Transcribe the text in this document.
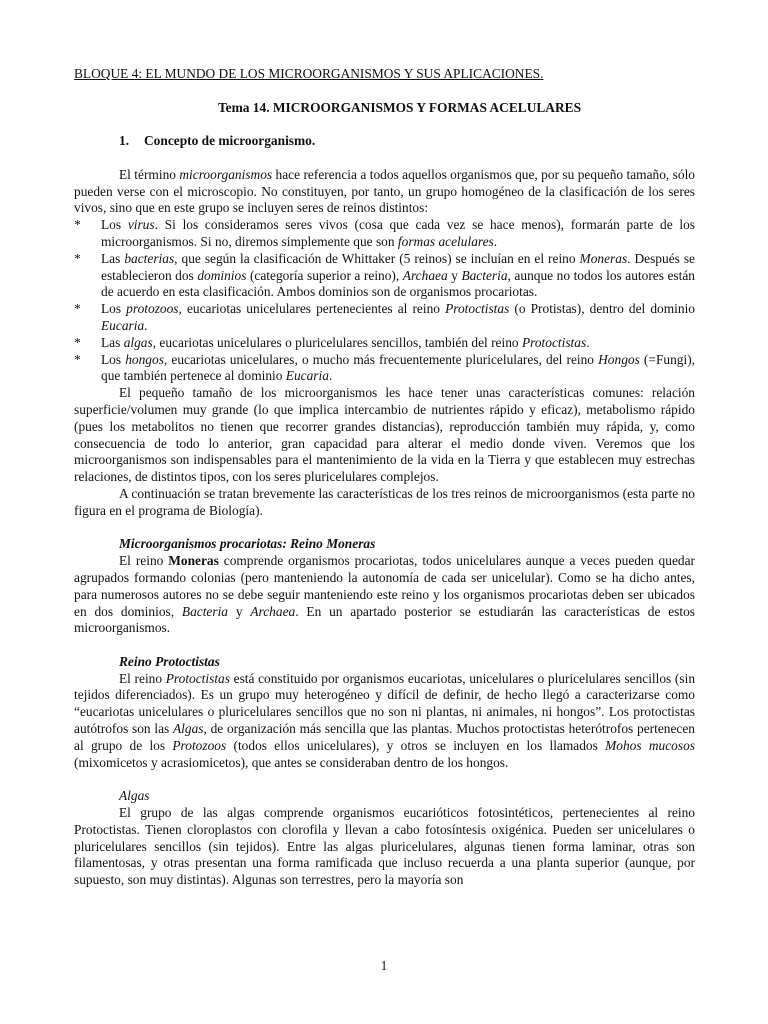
BLOQUE 4: EL MUNDO DE LOS MICROORGANISMOS Y SUS APLICACIONES.

Tema 14. MICROORGANISMOS Y FORMAS ACELULARES

1. Concepto de microorganismo.

El término microorganismos hace referencia a todos aquellos organismos que, por su pequeño tamaño, sólo pueden verse con el microscopio. No constituyen, por tanto, un grupo homogéneo de la clasificación de los seres vivos, sino que en este grupo se incluyen seres de reinos distintos:

*	Los virus. Si los consideramos seres vivos (cosa que cada vez se hace menos), formarán parte de los microorganismos. Si no, diremos simplemente que son formas acelulares.
*	Las bacterias, que según la clasificación de Whittaker (5 reinos) se incluían en el reino Moneras. Después se establecieron dos dominios (categoría superior a reino), Archaea y Bacteria, aunque no todos los autores están de acuerdo en esta clasificación. Ambos dominios son de organismos procariotas.
*	Los protozoos, eucariotas unicelulares pertenecientes al reino Protoctistas (o Protistas), dentro del dominio Eucaria.
*	Las algas, eucariotas unicelulares o pluricelulares sencillos, también del reino Protoctistas.
*	Los hongos, eucariotas unicelulares, o mucho más frecuentemente pluricelulares, del reino Hongos (=Fungi), que también pertenece al dominio Eucaria.

El pequeño tamaño de los microorganismos les hace tener unas características comunes: relación superficie/volumen muy grande (lo que implica intercambio de nutrientes rápido y eficaz), metabolismo rápido (pues los metabolitos no tienen que recorrer grandes distancias), reproducción también muy rápida, y, como consecuencia de todo lo anterior, gran capacidad para alterar el medio donde viven. Veremos que los microorganismos son indispensables para el mantenimiento de la vida en la Tierra y que establecen muy estrechas relaciones, de distintos tipos, con los seres pluricelulares complejos.

A continuación se tratan brevemente las características de los tres reinos de microorganismos (esta parte no figura en el programa de Biología).

Microorganismos procariotas: Reino Moneras

El reino Moneras comprende organismos procariotas, todos unicelulares aunque a veces pueden quedar agrupados formando colonias (pero manteniendo la autonomía de cada ser unicelular). Como se ha dicho antes, para numerosos autores no se debe seguir manteniendo este reino y los organismos procariotas deben ser ubicados en dos dominios, Bacteria y Archaea. En un apartado posterior se estudiarán las características de estos microorganismos.

Reino Protoctistas

El reino Protoctistas está constituido por organismos eucariotas, unicelulares o pluricelulares sencillos (sin tejidos diferenciados). Es un grupo muy heterogéneo y difícil de definir, de hecho llegó a caracterizarse como “eucariotas unicelulares o pluricelulares sencillos que no son ni plantas, ni animales, ni hongos”. Los protoctistas autótrofos son las Algas, de organización más sencilla que las plantas. Muchos protoctistas heterótrofos pertenecen al grupo de los Protozoos (todos ellos unicelulares), y otros se incluyen en los llamados Mohos mucosos (mixomicetos y acrasiomicetos), que antes se consideraban dentro de los hongos.

Algas

El grupo de las algas comprende organismos eucarióticos fotosintéticos, pertenecientes al reino Protoctistas. Tienen cloroplastos con clorofila y llevan a cabo fotosíntesis oxigénica. Pueden ser unicelulares o pluricelulares sencillos (sin tejidos). Entre las algas pluricelulares, algunas tienen forma laminar, otras son filamentosas, y otras presentan una forma ramificada que incluso recuerda a una planta superior (aunque, por supuesto, son muy distintas). Algunas son terrestres, pero la mayoría son

1
